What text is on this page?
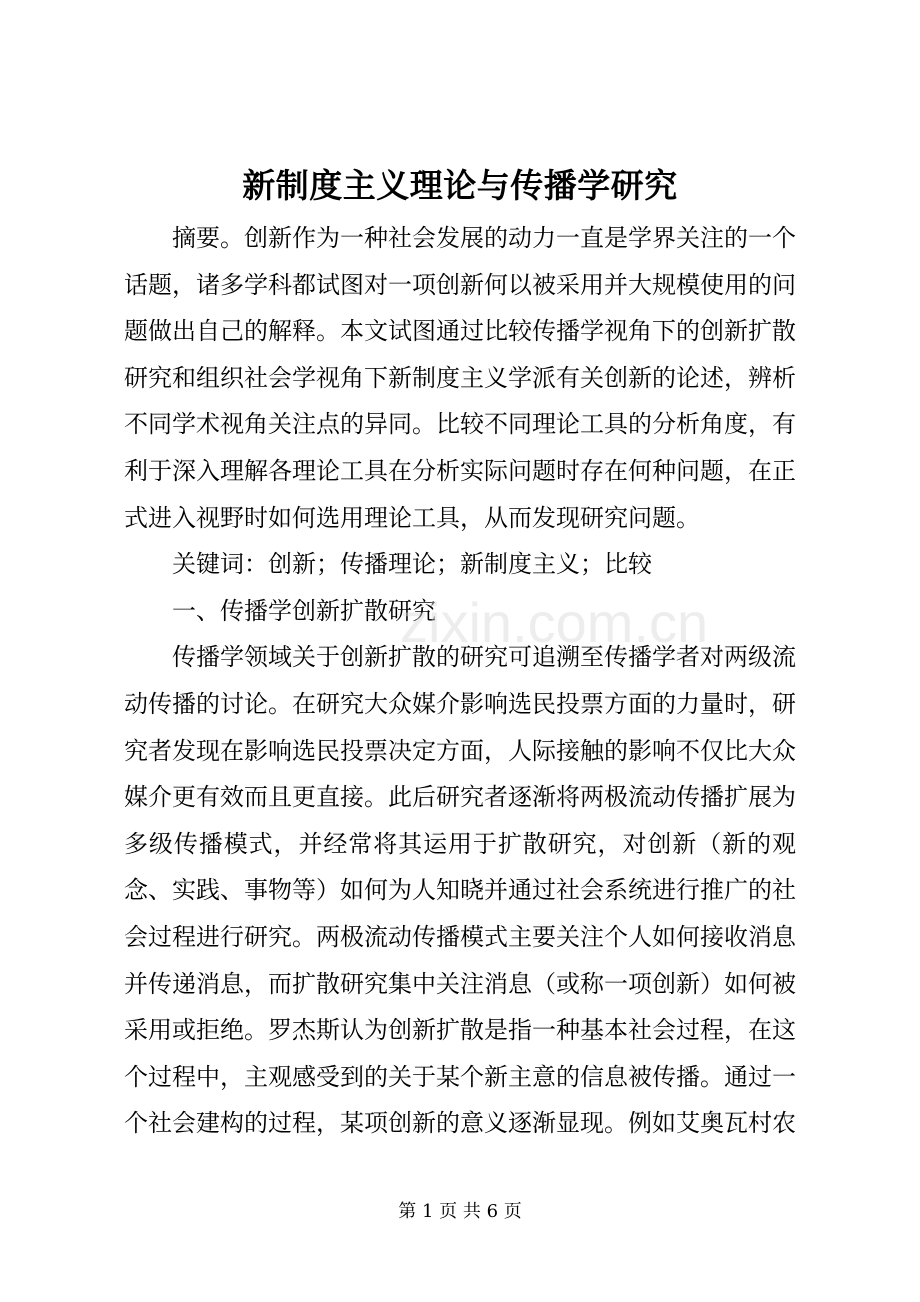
新制度主义理论与传播学研究

摘要。创新作为一种社会发展的动力一直是学界关注的一个话题，诸多学科都试图对一项创新何以被采用并大规模使用的问题做出自己的解释。本文试图通过比较传播学视角下的创新扩散研究和组织社会学视角下新制度主义学派有关创新的论述，辨析不同学术视角关注点的异同。比较不同理论工具的分析角度，有利于深入理解各理论工具在分析实际问题时存在何种问题，在正式进入视野时如何选用理论工具，从而发现研究问题。

关键词：创新；传播理论；新制度主义；比较

一、传播学创新扩散研究

传播学领域关于创新扩散的研究可追溯至传播学者对两级流动传播的讨论。在研究大众媒介影响选民投票方面的力量时，研究者发现在影响选民投票决定方面，人际接触的影响不仅比大众媒介更有效而且更直接。此后研究者逐渐将两极流动传播扩展为多级传播模式，并经常将其运用于扩散研究，对创新（新的观念、实践、事物等）如何为人知晓并通过社会系统进行推广的社会过程进行研究。两极流动传播模式主要关注个人如何接收消息并传递消息，而扩散研究集中关注消息（或称一项创新）如何被采用或拒绝。罗杰斯认为创新扩散是指一种基本社会过程，在这个过程中，主观感受到的关于某个新主意的信息被传播。通过一个社会建构的过程，某项创新的意义逐渐显现。例如艾奥瓦村农

zixin.com.cn
第 1 页 共 6 页
